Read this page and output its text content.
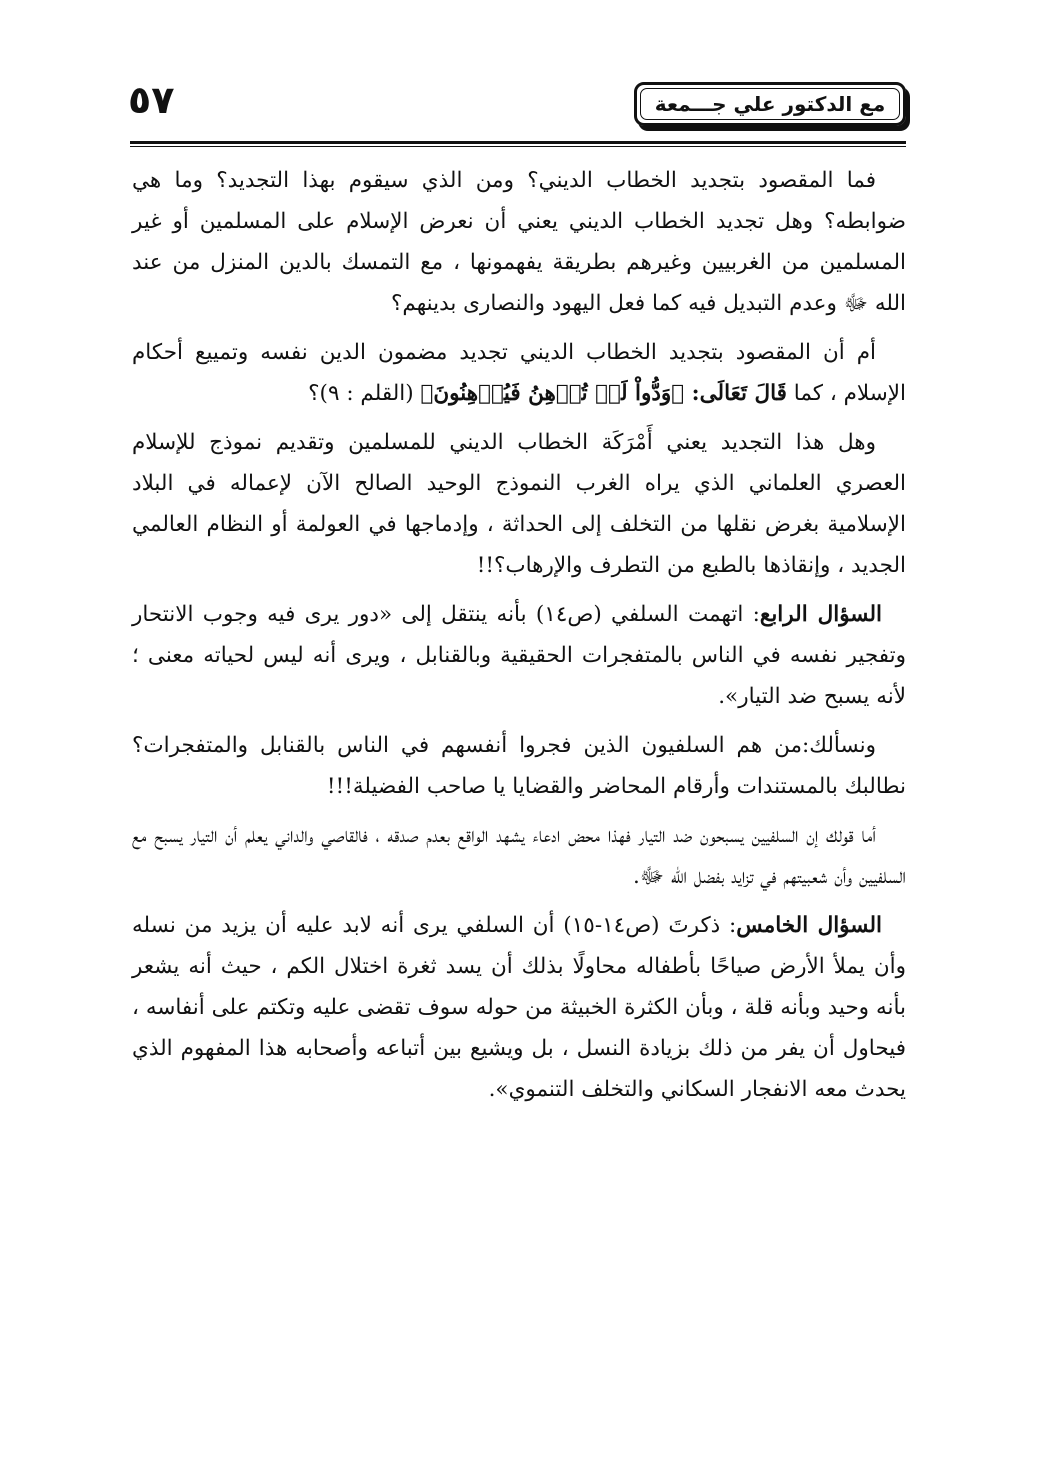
٥٧	مع الدكتور علي جـــمعة

فما المقصود بتجديد الخطاب الديني؟ ومن الذي سيقوم بهذا التجديد؟ وما هي ضوابطه؟ وهل تجديد الخطاب الديني يعني أن نعرض الإسلام على المسلمين أو غير المسلمين من الغربيين وغيرهم بطريقة يفهمونها ، مع التمسك بالدين المنزل من عند الله ﷻ وعدم التبديل فيه كما فعل اليهود والنصارى بدينهم؟

أم أن المقصود بتجديد الخطاب الديني تجديد مضمون الدين نفسه وتمييع أحكام الإسلام ، كما قَالَ تَعَالَى: ﴿وَدُّواْ لَوۡ تُدۡهِنُ فَيُدۡهِنُونَ﴾ (القلم : ٩)؟

وهل هذا التجديد يعني أَمْرَكَة الخطاب الديني للمسلمين وتقديم نموذج للإسلام العصري العلماني الذي يراه الغرب النموذج الوحيد الصالح الآن لإعماله في البلاد الإسلامية بغرض نقلها من التخلف إلى الحداثة ، وإدماجها في العولمة أو النظام العالمي الجديد ، وإنقاذها بالطبع من التطرف والإرهاب؟!!

السؤال الرابع: اتهمت السلفي (ص١٤) بأنه ينتقل إلى «دور يرى فيه وجوب الانتحار وتفجير نفسه في الناس بالمتفجرات الحقيقية وبالقنابل ، ويرى أنه ليس لحياته معنى ؛ لأنه يسبح ضد التيار».

ونسألك:من هم السلفيون الذين فجروا أنفسهم في الناس بالقنابل والمتفجرات؟ نطالبك بالمستندات وأرقام المحاضر والقضايا يا صاحب الفضيلة!!!

أما قولك إن السلفيين يسبحون ضد التيار فهذا محض ادعاء يشهد الواقع بعدم صدقه ، فالقاصي والداني يعلم أن التيار يسبح مع السلفيين وأن شعبيتهم في تزايد بفضل الله ﷻ.

السؤال الخامس: ذكرتَ (ص١٤-١٥) أن السلفي يرى أنه لابد عليه أن يزيد من نسله وأن يملأ الأرض صياحًا بأطفاله محاولًا بذلك أن يسد ثغرة اختلال الكم ، حيث أنه يشعر بأنه وحيد وبأنه قلة ، وبأن الكثرة الخبيثة من حوله سوف تقضى عليه وتكتم على أنفاسه ، فيحاول أن يفر من ذلك بزيادة النسل ، بل ويشيع بين أتباعه وأصحابه هذا المفهوم الذي يحدث معه الانفجار السكاني والتخلف التنموي».
